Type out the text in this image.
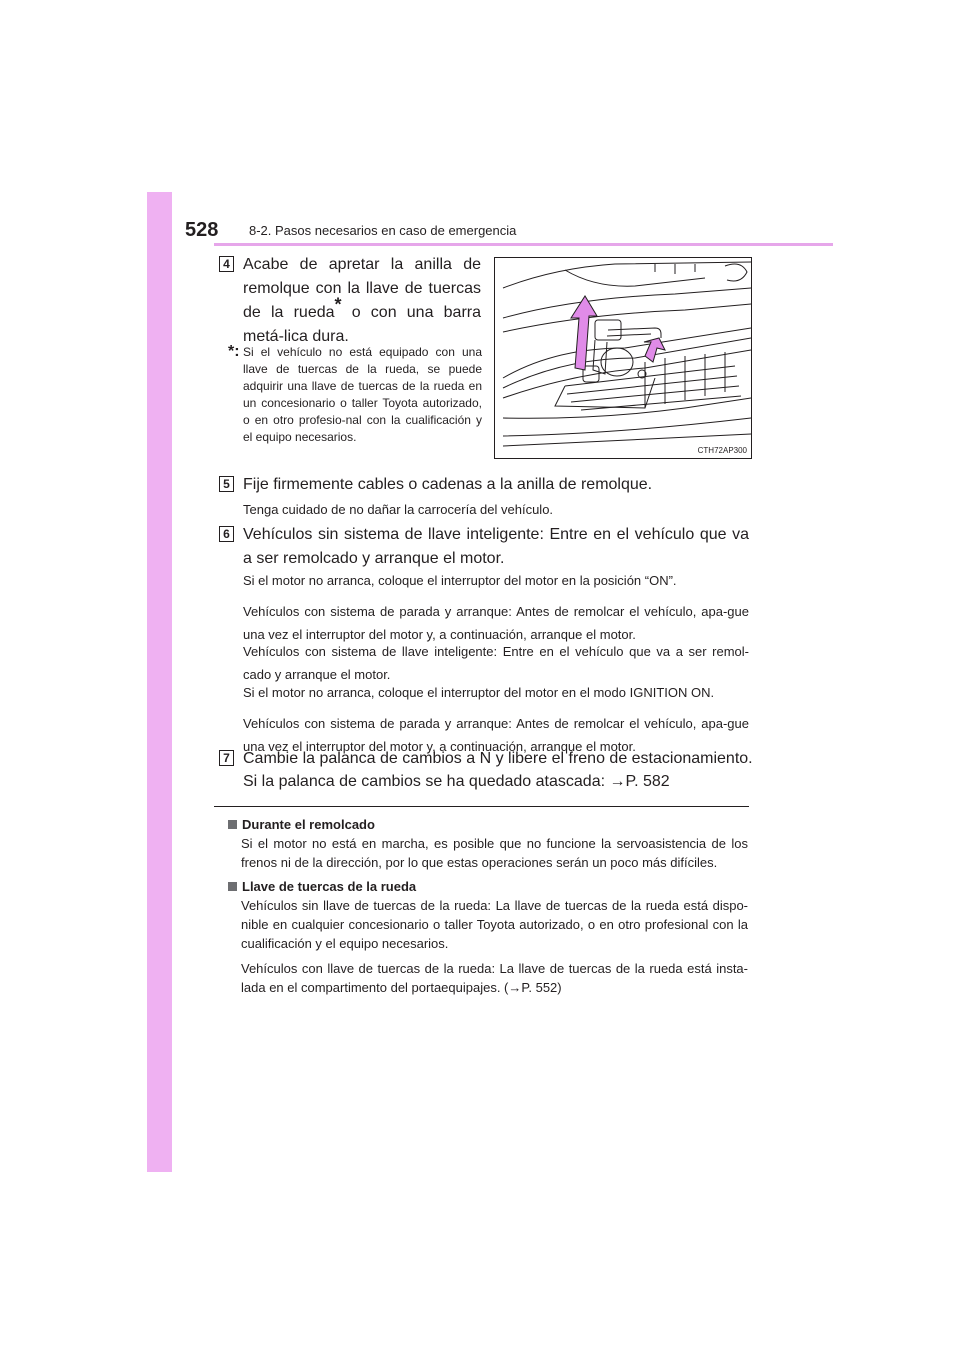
528 8-2. Pasos necesarios en caso de emergencia
4 Acabe de apretar la anilla de remolque con la llave de tuercas de la rueda* o con una barra metá-lica dura.
*: Si el vehículo no está equipado con una llave de tuercas de la rueda, se puede adquirir una llave de tuercas de la rueda en un concesionario o taller Toyota autorizado, o en otro profesio-nal con la cualificación y el equipo necesarios.
CTH72AP300
5 Fije firmemente cables o cadenas a la anilla de remolque.
Tenga cuidado de no dañar la carrocería del vehículo.
6 Vehículos sin sistema de llave inteligente: Entre en el vehículo que va a ser remolcado y arranque el motor.
Si el motor no arranca, coloque el interruptor del motor en la posición “ON”.
Vehículos con sistema de parada y arranque: Antes de remolcar el vehículo, apa-gue una vez el interruptor del motor y, a continuación, arranque el motor.
Vehículos con sistema de llave inteligente: Entre en el vehículo que va a ser remol-cado y arranque el motor.
Si el motor no arranca, coloque el interruptor del motor en el modo IGNITION ON.
Vehículos con sistema de parada y arranque: Antes de remolcar el vehículo, apa-gue una vez el interruptor del motor y, a continuación, arranque el motor.
7 Cambie la palanca de cambios a N y libere el freno de estacionamiento.
Si la palanca de cambios se ha quedado atascada: →P. 582
Durante el remolcado
Si el motor no está en marcha, es posible que no funcione la servoasistencia de los frenos ni de la dirección, por lo que estas operaciones serán un poco más difíciles.
Llave de tuercas de la rueda
Vehículos sin llave de tuercas de la rueda: La llave de tuercas de la rueda está dispo-nible en cualquier concesionario o taller Toyota autorizado, o en otro profesional con la cualificación y el equipo necesarios.
Vehículos con llave de tuercas de la rueda: La llave de tuercas de la rueda está insta-lada en el compartimento del portaequipajes. (→P. 552)
